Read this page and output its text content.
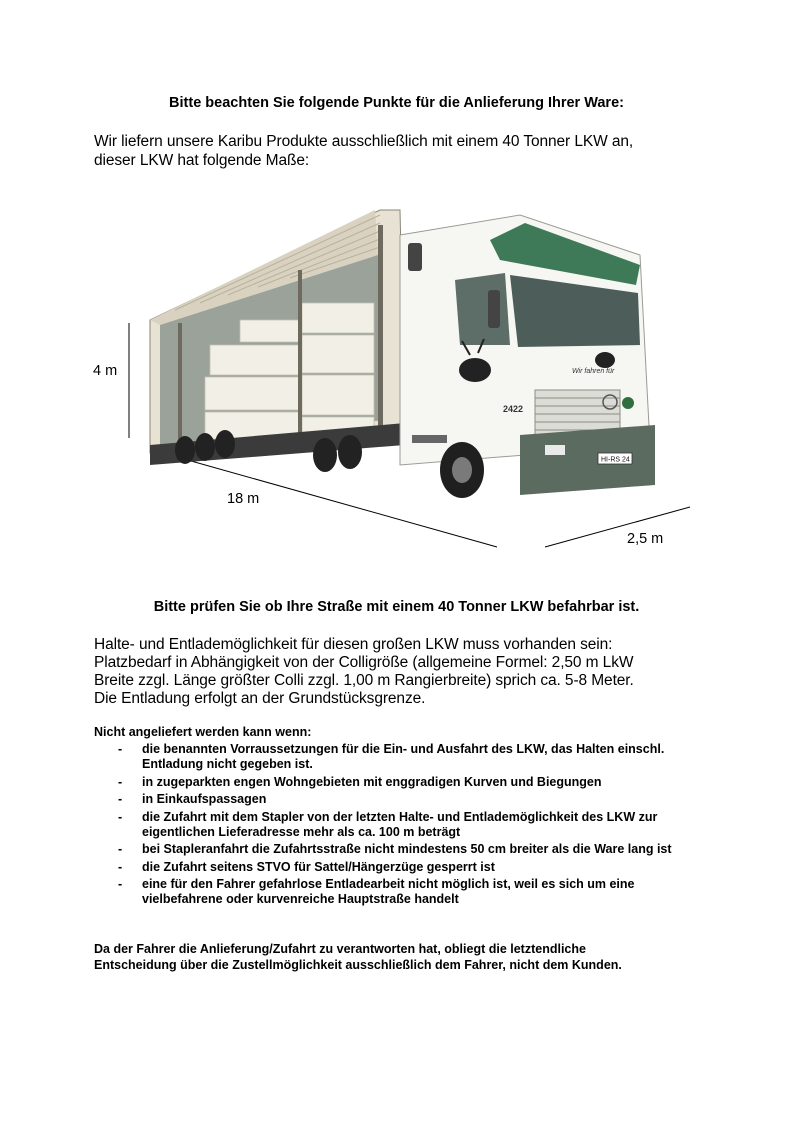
Bitte beachten Sie folgende Punkte für die Anlieferung Ihrer Ware:
Wir liefern unsere Karibu Produkte ausschließlich mit einem 40 Tonner LKW an,
dieser LKW hat folgende Maße:
Wir fahren für
2422
HI-RS 24
4 m
18 m
2,5 m
Bitte prüfen Sie ob Ihre Straße mit einem 40 Tonner LKW befahrbar ist.
Halte- und Entlademöglichkeit für diesen großen LKW muss vorhanden sein:
Platzbedarf in Abhängigkeit von der Colligröße (allgemeine Formel: 2,50 m LkW
Breite zzgl. Länge größter Colli zzgl. 1,00 m Rangierbreite) sprich ca. 5-8 Meter.
Die Entladung erfolgt an der Grundstücksgrenze.
Nicht angeliefert werden kann wenn:
- die benannten Vorraussetzungen für die Ein- und Ausfahrt des LKW, das Halten einschl. Entladung nicht gegeben ist.
- in zugeparkten engen Wohngebieten mit enggradigen Kurven und Biegungen
- in Einkaufspassagen
- die Zufahrt mit dem Stapler von der letzten Halte- und Entlademöglichkeit des LKW zur eigentlichen Lieferadresse mehr als ca. 100 m beträgt
- bei Stapleranfahrt die Zufahrtsstraße nicht mindestens 50 cm breiter als die Ware lang ist
- die Zufahrt seitens STVO für Sattel/Hängerzüge gesperrt ist
- eine für den Fahrer gefahrlose Entladearbeit nicht möglich ist, weil es sich um eine vielbefahrene oder kurvenreiche Hauptstraße handelt
Da der Fahrer die Anlieferung/Zufahrt zu verantworten hat, obliegt die letztendliche
Entscheidung über die Zustellmöglichkeit ausschließlich dem Fahrer, nicht dem Kunden.
